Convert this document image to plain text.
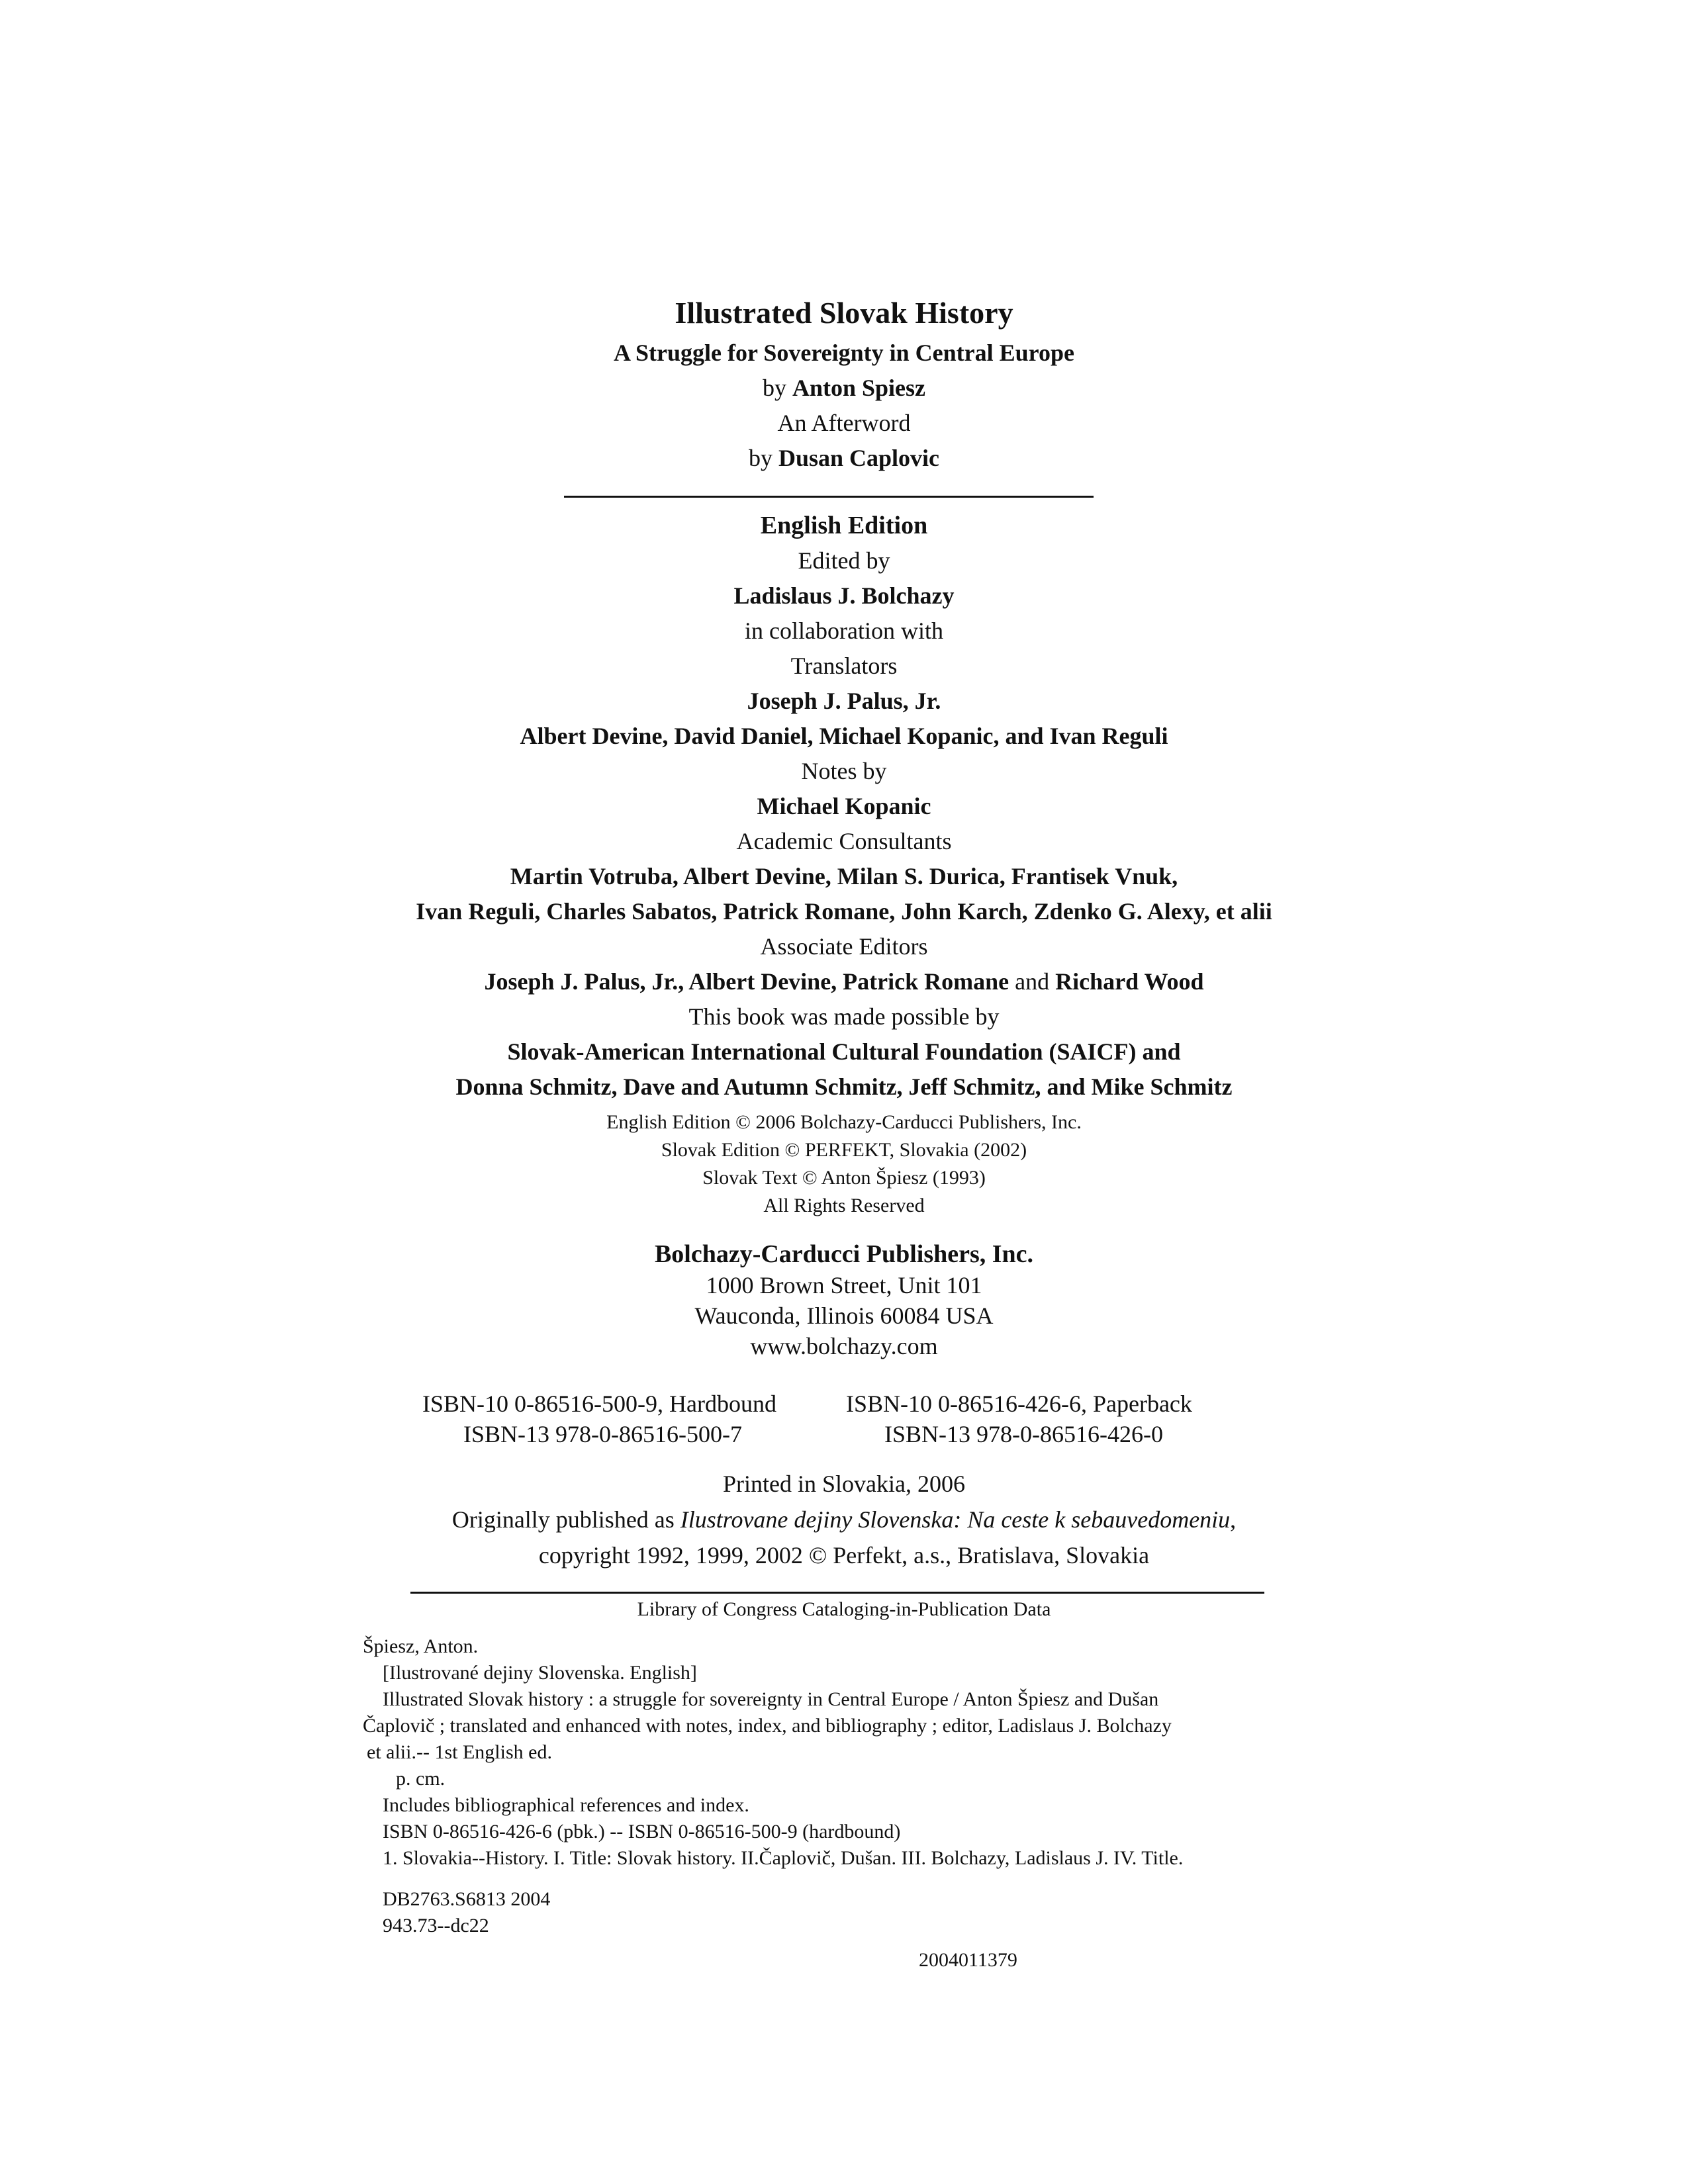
Illustrated Slovak History
A Struggle for Sovereignty in Central Europe
by Anton Spiesz
An Afterword
by Dusan Caplovic
English Edition
Edited by
Ladislaus J. Bolchazy
in collaboration with
Translators
Joseph J. Palus, Jr.
Albert Devine, David Daniel, Michael Kopanic, and Ivan Reguli
Notes by
Michael Kopanic
Academic Consultants
Martin Votruba, Albert Devine, Milan S. Durica, Frantisek Vnuk,
Ivan Reguli, Charles Sabatos, Patrick Romane, John Karch, Zdenko G. Alexy, et alii
Associate Editors
Joseph J. Palus, Jr., Albert Devine, Patrick Romane and Richard Wood
This book was made possible by
Slovak-American International Cultural Foundation (SAICF) and
Donna Schmitz, Dave and Autumn Schmitz, Jeff Schmitz, and Mike Schmitz
English Edition © 2006 Bolchazy-Carducci Publishers, Inc.
Slovak Edition © PERFEKT, Slovakia (2002)
Slovak Text © Anton Špiesz (1993)
All Rights Reserved
Bolchazy-Carducci Publishers, Inc.
1000 Brown Street, Unit 101
Wauconda, Illinois 60084 USA
www.bolchazy.com
ISBN-10 0-86516-500-9, Hardbound	ISBN-10 0-86516-426-6, Paperback
ISBN-13 978-0-86516-500-7	ISBN-13 978-0-86516-426-0
Printed in Slovakia, 2006
Originally published as Ilustrovane dejiny Slovenska: Na ceste k sebauvedomeniu,
copyright 1992, 1999, 2002 © Perfekt, a.s., Bratislava, Slovakia
Library of Congress Cataloging-in-Publication Data
Špiesz, Anton.
[Ilustrované dejiny Slovenska. English]
Illustrated Slovak history : a struggle for sovereignty in Central Europe / Anton Špiesz and Dušan
Čaplovič ; translated and enhanced with notes, index, and bibliography ; editor, Ladislaus J. Bolchazy
et alii.-- 1st English ed.
p. cm.
Includes bibliographical references and index.
ISBN 0-86516-426-6 (pbk.) -- ISBN 0-86516-500-9 (hardbound)
1. Slovakia--History. I. Title: Slovak history. II.Čaplovič, Dušan. III. Bolchazy, Ladislaus J. IV. Title.
DB2763.S6813 2004
943.73--dc22
2004011379
